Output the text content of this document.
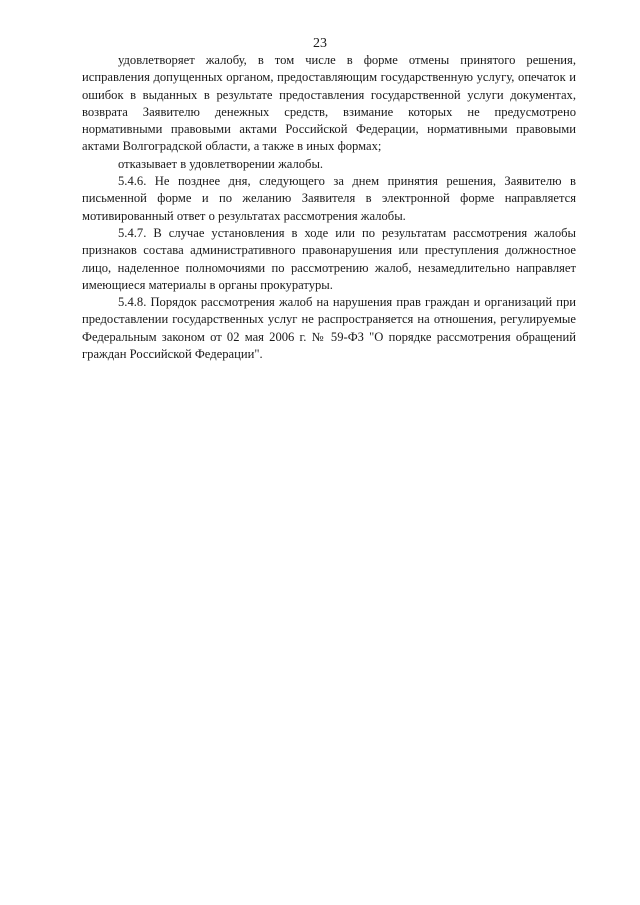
23

удовлетворяет жалобу, в том числе в форме отмены принятого решения, исправления допущенных органом, предоставляющим государственную услугу, опечаток и ошибок в выданных в результате предоставления государственной услуги документах, возврата Заявителю денежных средств, взимание которых не предусмотрено нормативными правовыми актами Российской Федерации, нормативными правовыми актами Волгоградской области, а также в иных формах;

отказывает в удовлетворении жалобы.

5.4.6. Не позднее дня, следующего за днем принятия решения, Заявителю в письменной форме и по желанию Заявителя в электронной форме направляется мотивированный ответ о результатах рассмотрения жалобы.

5.4.7. В случае установления в ходе или по результатам рассмотрения жалобы признаков состава административного правонарушения или преступления должностное лицо, наделенное полномочиями по рассмотрению жалоб, незамедлительно направляет имеющиеся материалы в органы прокуратуры.

5.4.8. Порядок рассмотрения жалоб на нарушения прав граждан и организаций при предоставлении государственных услуг не распространяется на отношения, регулируемые Федеральным законом от 02 мая 2006 г. № 59-ФЗ "О порядке рассмотрения обращений граждан Российской Федерации".
